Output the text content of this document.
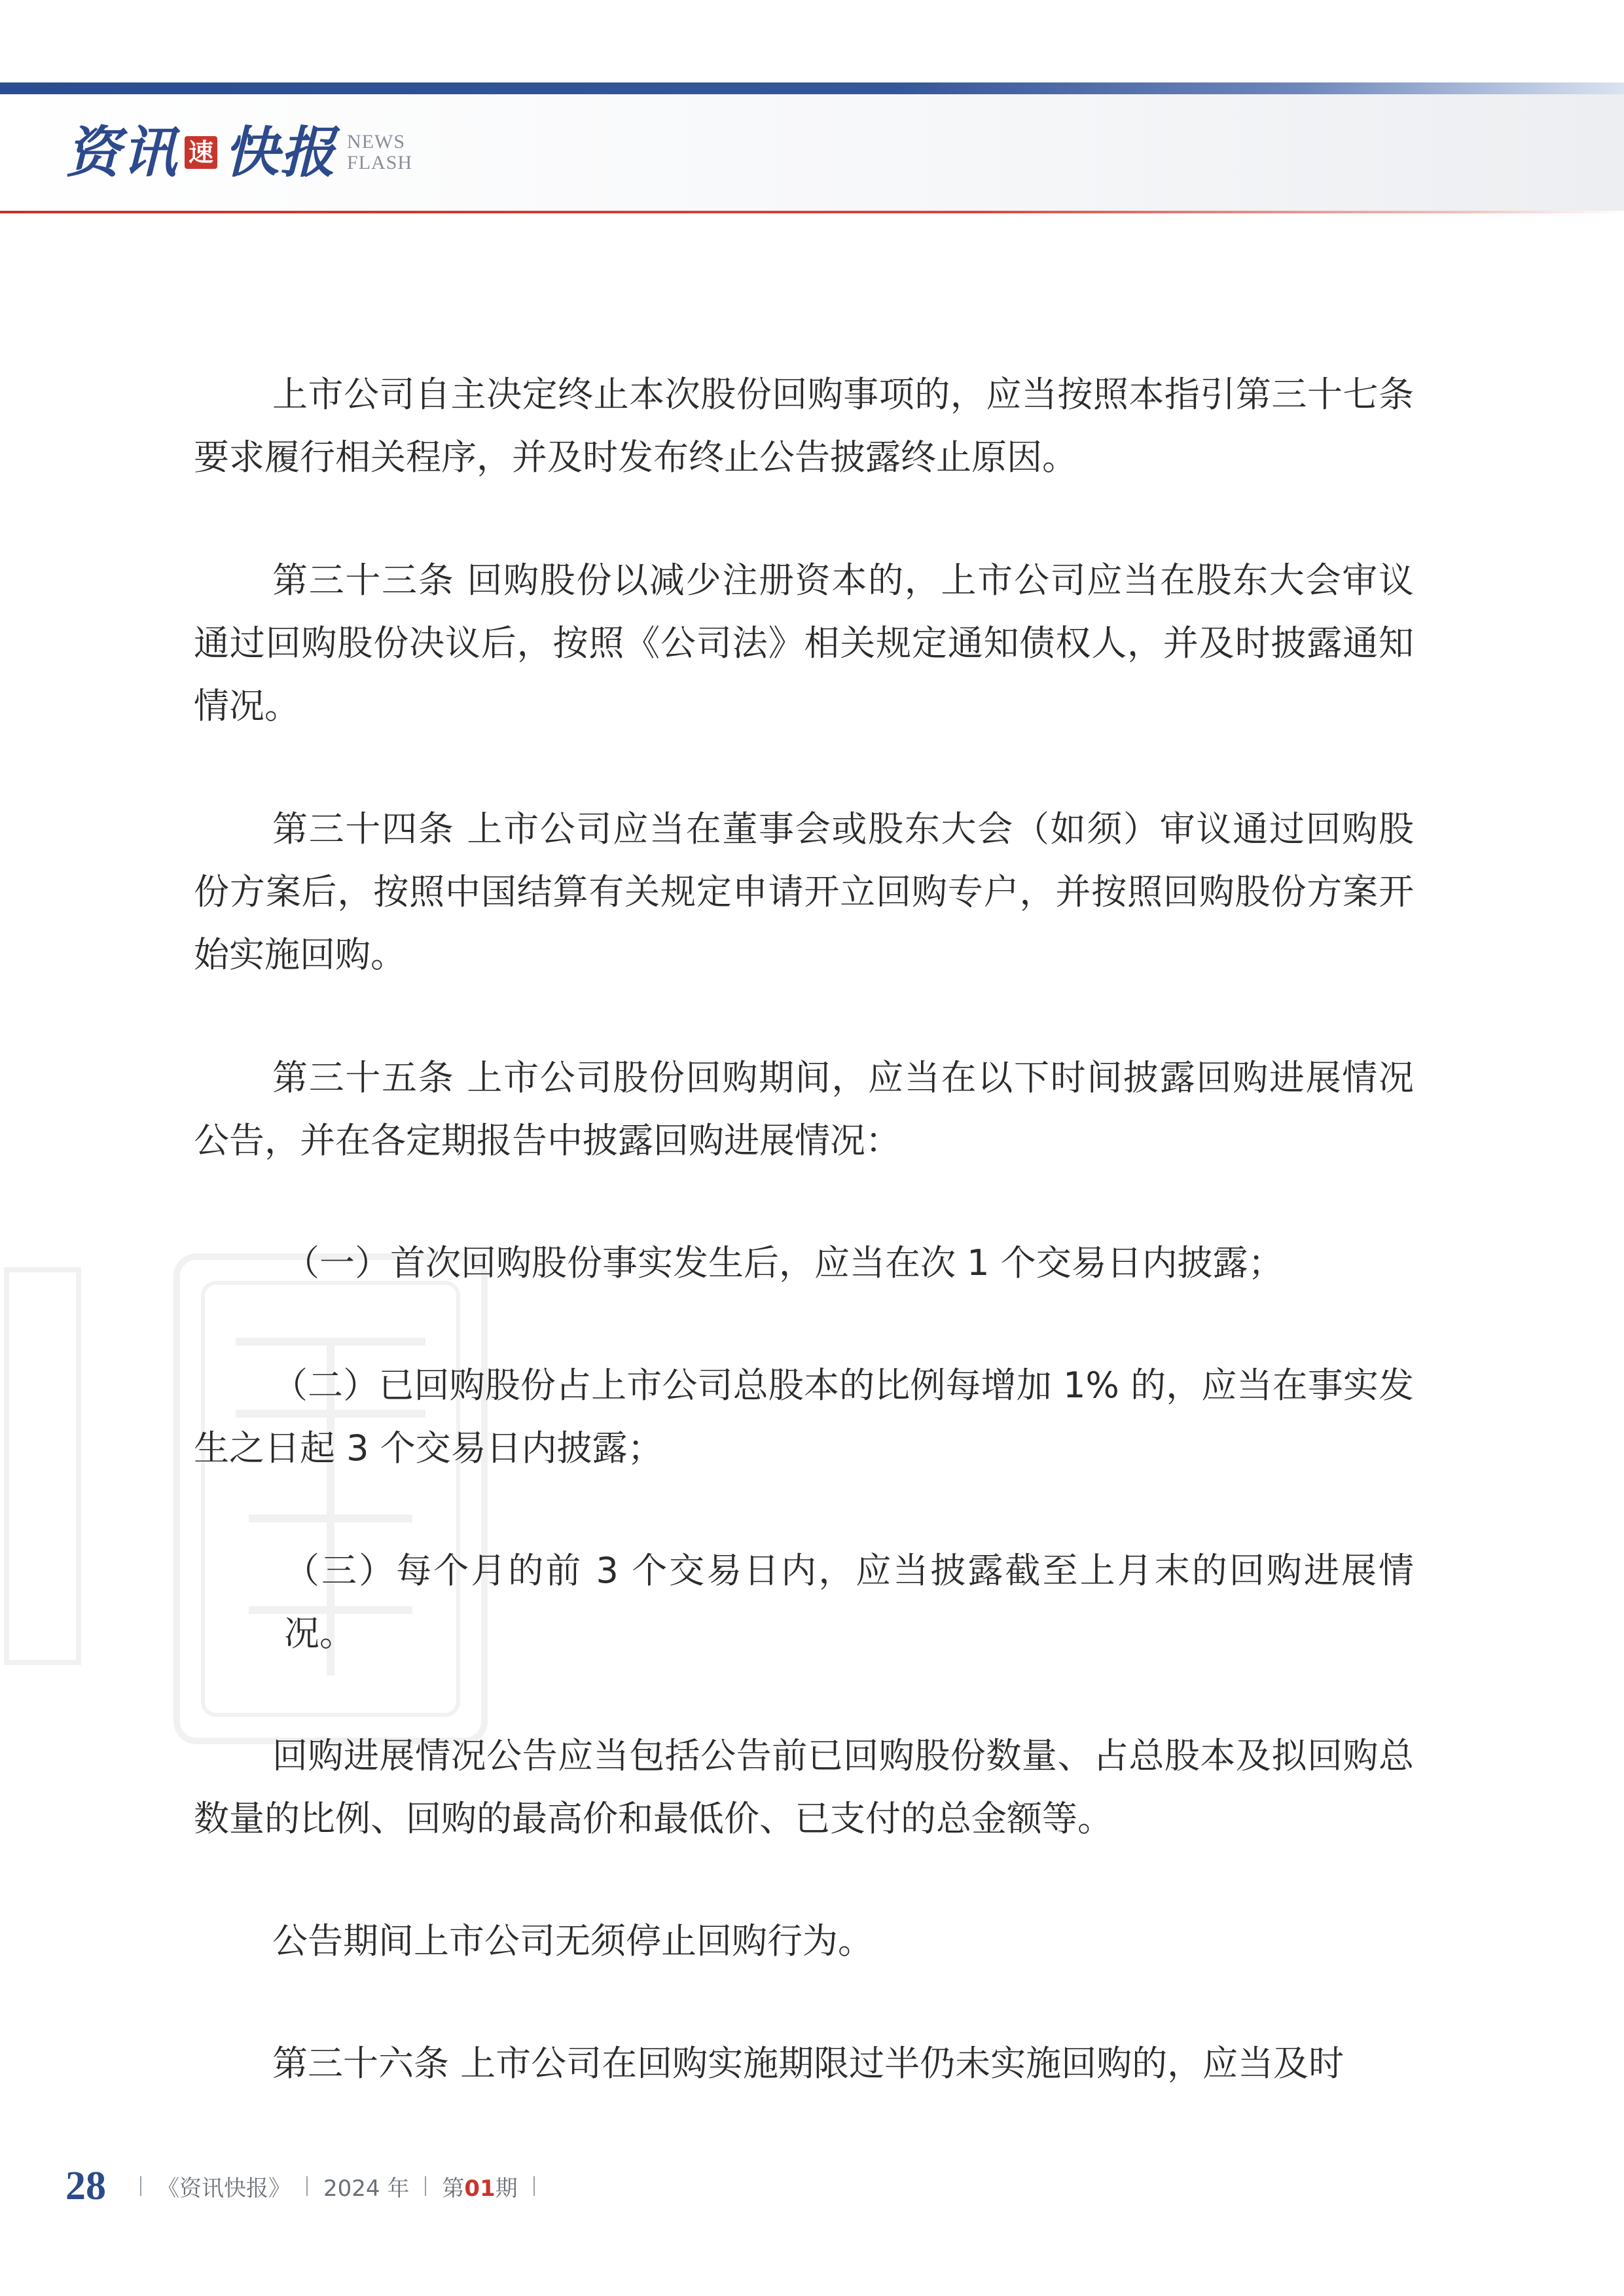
资讯 速 快报 NEWS
FLASH

上市公司自主决定终止本次股份回购事项的，应当按照本指引第三十七条要求履行相关程序，并及时发布终止公告披露终止原因。

第三十三条 回购股份以减少注册资本的，上市公司应当在股东大会审议通过回购股份决议后，按照《公司法》相关规定通知债权人，并及时披露通知情况。

第三十四条 上市公司应当在董事会或股东大会（如须）审议通过回购股份方案后，按照中国结算有关规定申请开立回购专户，并按照回购股份方案开始实施回购。

第三十五条 上市公司股份回购期间，应当在以下时间披露回购进展情况公告，并在各定期报告中披露回购进展情况：

（一）首次回购股份事实发生后，应当在次 1 个交易日内披露；

（二）已回购股份占上市公司总股本的比例每增加 1% 的，应当在事实发生之日起 3 个交易日内披露；

（三）每个月的前 3 个交易日内，应当披露截至上月末的回购进展情况。

回购进展情况公告应当包括公告前已回购股份数量、占总股本及拟回购总数量的比例、回购的最高价和最低价、已支付的总金额等。

公告期间上市公司无须停止回购行为。

第三十六条 上市公司在回购实施期限过半仍未实施回购的，应当及时

28 《资讯快报》 2024 年 第01期
